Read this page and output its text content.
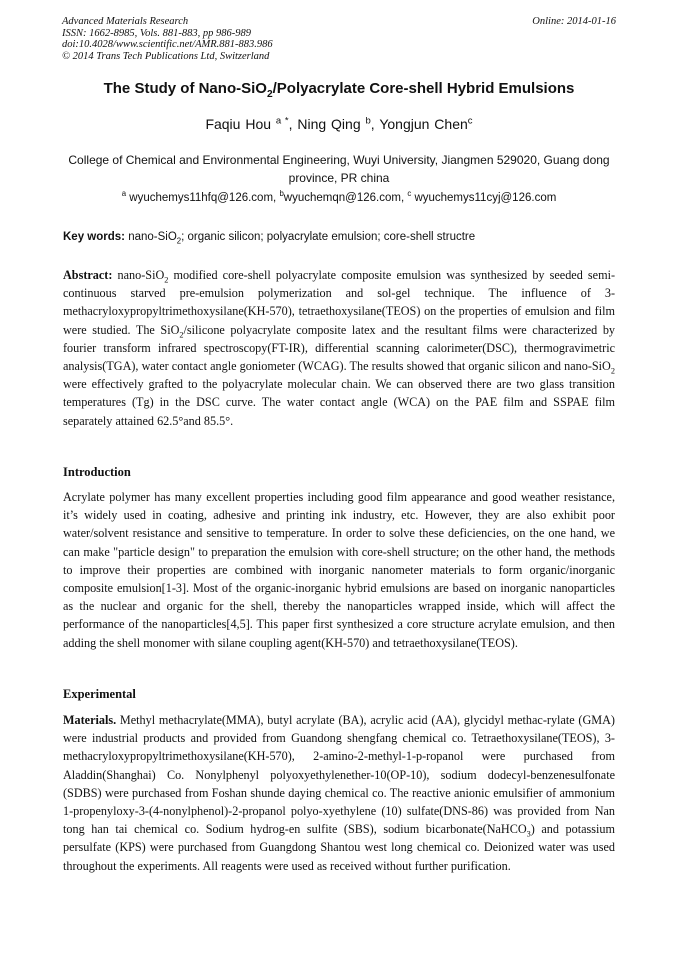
Advanced Materials Research
ISSN: 1662-8985, Vols. 881-883, pp 986-989
doi:10.4028/www.scientific.net/AMR.881-883.986
© 2014 Trans Tech Publications Ltd, Switzerland
Online: 2014-01-16
The Study of Nano-SiO$_2$/Polyacrylate Core-shell Hybrid Emulsions
Faqiu Hou $^{a *}$, Ning Qing $^b$, Yongjun Chen$^c$
College of Chemical and Environmental Engineering, Wuyi University, Jiangmen 529020, Guang dong province, PR china
$^a$ wyuchemys11hfq@126.com, $^b$wyuchemqn@126.com, $^c$ wyuchemys11cyj@126.com
Key words: nano-SiO$_2$; organic silicon; polyacrylate emulsion; core-shell structre
Abstract: nano-SiO$_2$ modified core-shell polyacrylate composite emulsion was synthesized by seeded semi-continuous starved pre-emulsion polymerization and sol-gel technique. The influence of 3-methacryloxypropyltrimethoxysilane(KH-570), tetraethoxysilane(TEOS) on the properties of emulsion and film were studied. The SiO$_2$/silicone polyacrylate composite latex and the resultant films were characterized by fourier transform infrared spectroscopy(FT-IR), differential scanning calorimeter(DSC), thermogravimetric analysis(TGA), water contact angle goniometer (WCAG). The results showed that organic silicon and nano-SiO$_2$ were effectively grafted to the polyacrylate molecular chain. We can observed there are two glass transition temperatures (Tg) in the DSC curve. The water contact angle (WCA) on the PAE film and SSPAE film separately attained 62.5°and 85.5°.
Introduction
Acrylate polymer has many excellent properties including good film appearance and good weather resistance, it’s widely used in coating, adhesive and printing ink industry, etc. However, they are also exhibit poor water/solvent resistance and sensitive to temperature. In order to solve these deficiencies, on the one hand, we can make "particle design" to preparation the emulsion with core-shell structure; on the other hand, the methods to improve their properties are combined with inorganic nanometer materials to form organic/inorganic composite emulsion[1-3]. Most of the organic-inorganic hybrid emulsions are based on inorganic nanoparticles as the nuclear and organic for the shell, thereby the nanoparticles wrapped inside, which will affect the performance of the nanoparticles[4,5]. This paper first synthesized a core structure acrylate emulsion, and then adding the shell monomer with silane coupling agent(KH-570) and tetraethoxysilane(TEOS).
Experimental
Materials. Methyl methacrylate(MMA), butyl acrylate (BA), acrylic acid (AA), glycidyl methac-rylate (GMA) were industrial products and provided from Guandong shengfang chemical co. Tetraethoxysilane(TEOS), 3-methacryloxypropyltrimethoxysilane(KH-570), 2-amino-2-methyl-1-p-ropanol were purchased from Aladdin(Shanghai) Co. Nonylphenyl polyoxyethylenether-10(OP-10), sodium dodecyl-benzenesulfonate (SDBS) were purchased from Foshan shunde daying chemical co. The reactive anionic emulsifier of ammonium 1-propenyloxy-3-(4-nonylphenol)-2-propanol polyo-xyethylene (10) sulfate(DNS-86) was provided from Nan tong han tai chemical co. Sodium hydrog-en sulfite (SBS), sodium bicarbonate(NaHCO$_3$) and potassium persulfate (KPS) were purchased from Guangdong Shantou west long chemical co. Deionized water was used throughout the experiments. All reagents were used as received without further purification.
